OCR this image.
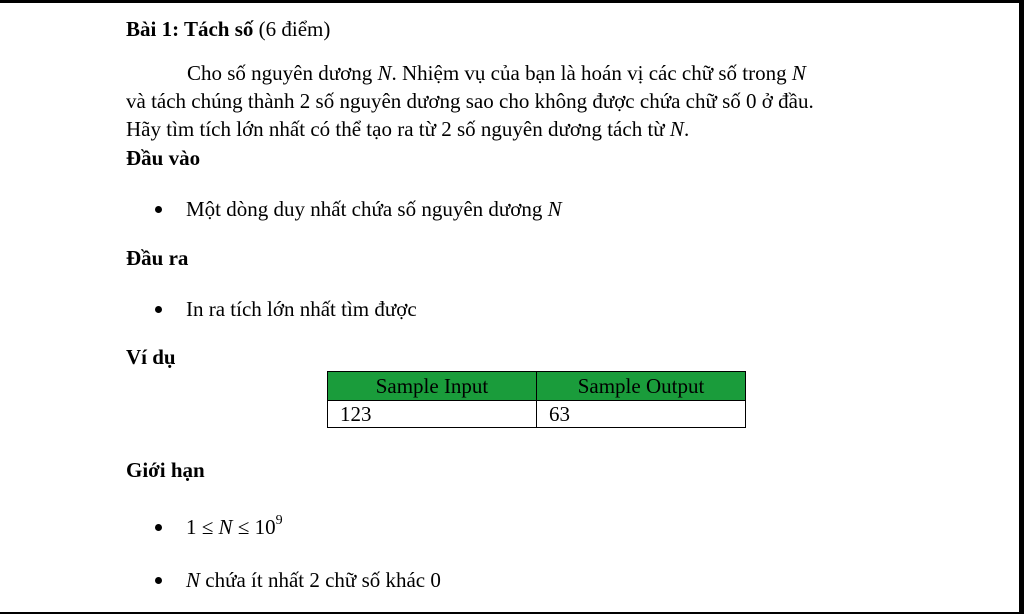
Bài 1: Tách số (6 điểm)
Cho số nguyên dương N. Nhiệm vụ của bạn là hoán vị các chữ số trong N
và tách chúng thành 2 số nguyên dương sao cho không được chứa chữ số 0 ở đầu.
Hãy tìm tích lớn nhất có thể tạo ra từ 2 số nguyên dương tách từ N.
Đầu vào
Một dòng duy nhất chứa số nguyên dương N
Đầu ra
In ra tích lớn nhất tìm được
Ví dụ
Sample Input	Sample Output
123	63
Giới hạn
$1 \le N \le 10^9$
N chứa ít nhất 2 chữ số khác 0
